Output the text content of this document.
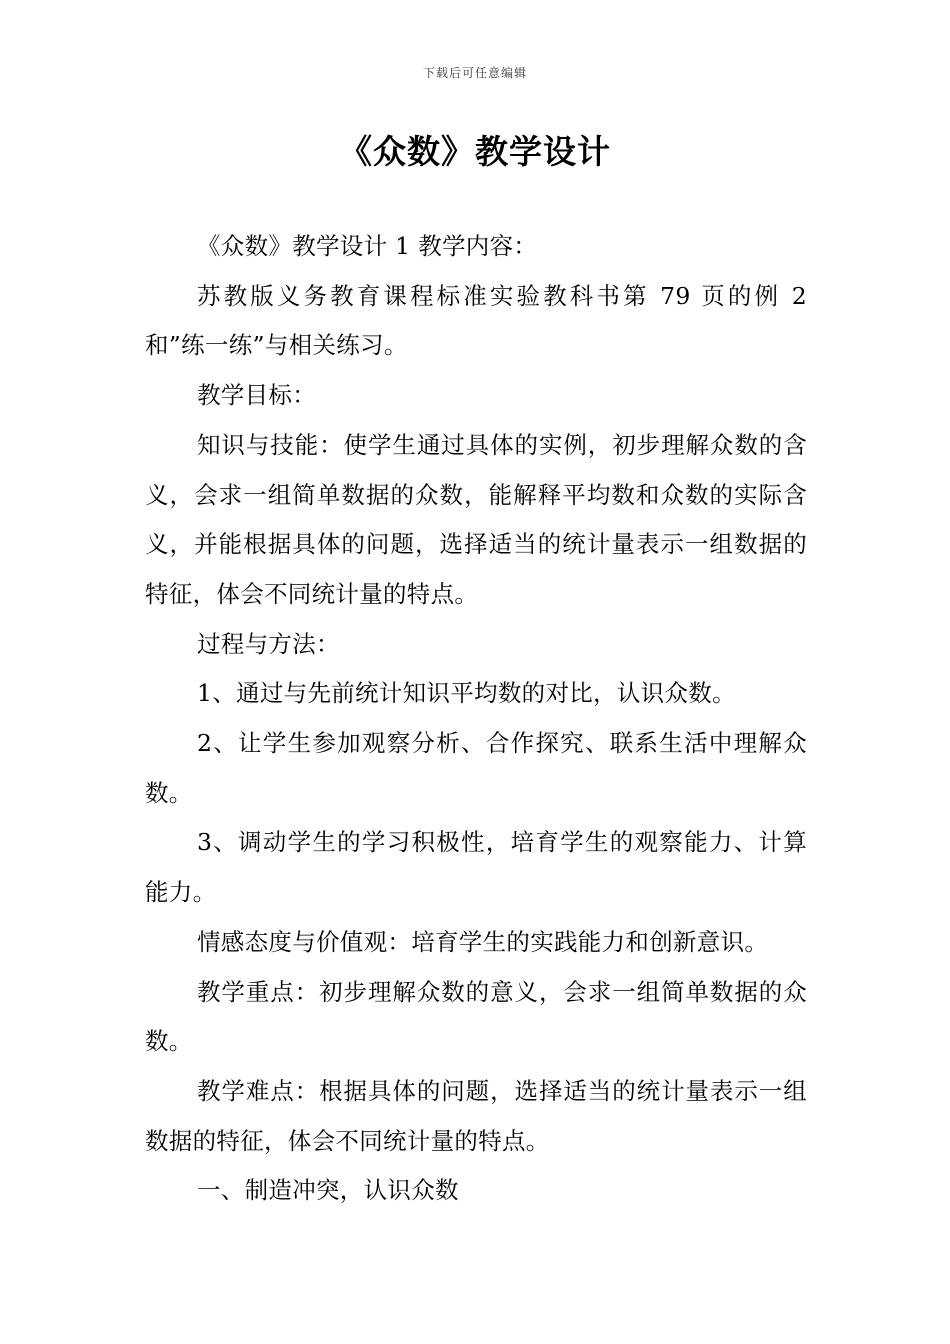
下载后可任意编辑
《众数》教学设计

《众数》教学设计 1 教学内容：

苏教版义务教育课程标准实验教科书第 79 页的例 2 和”练一练”与相关练习。

教学目标：

知识与技能：使学生通过具体的实例，初步理解众数的含义，会求一组简单数据的众数，能解释平均数和众数的实际含义，并能根据具体的问题，选择适当的统计量表示一组数据的特征，体会不同统计量的特点。

过程与方法：

1、通过与先前统计知识平均数的对比，认识众数。

2、让学生参加观察分析、合作探究、联系生活中理解众数。

3、调动学生的学习积极性，培育学生的观察能力、计算能力。

情感态度与价值观：培育学生的实践能力和创新意识。

教学重点：初步理解众数的意义，会求一组简单数据的众数。

教学难点：根据具体的问题，选择适当的统计量表示一组数据的特征，体会不同统计量的特点。

一、制造冲突，认识众数
